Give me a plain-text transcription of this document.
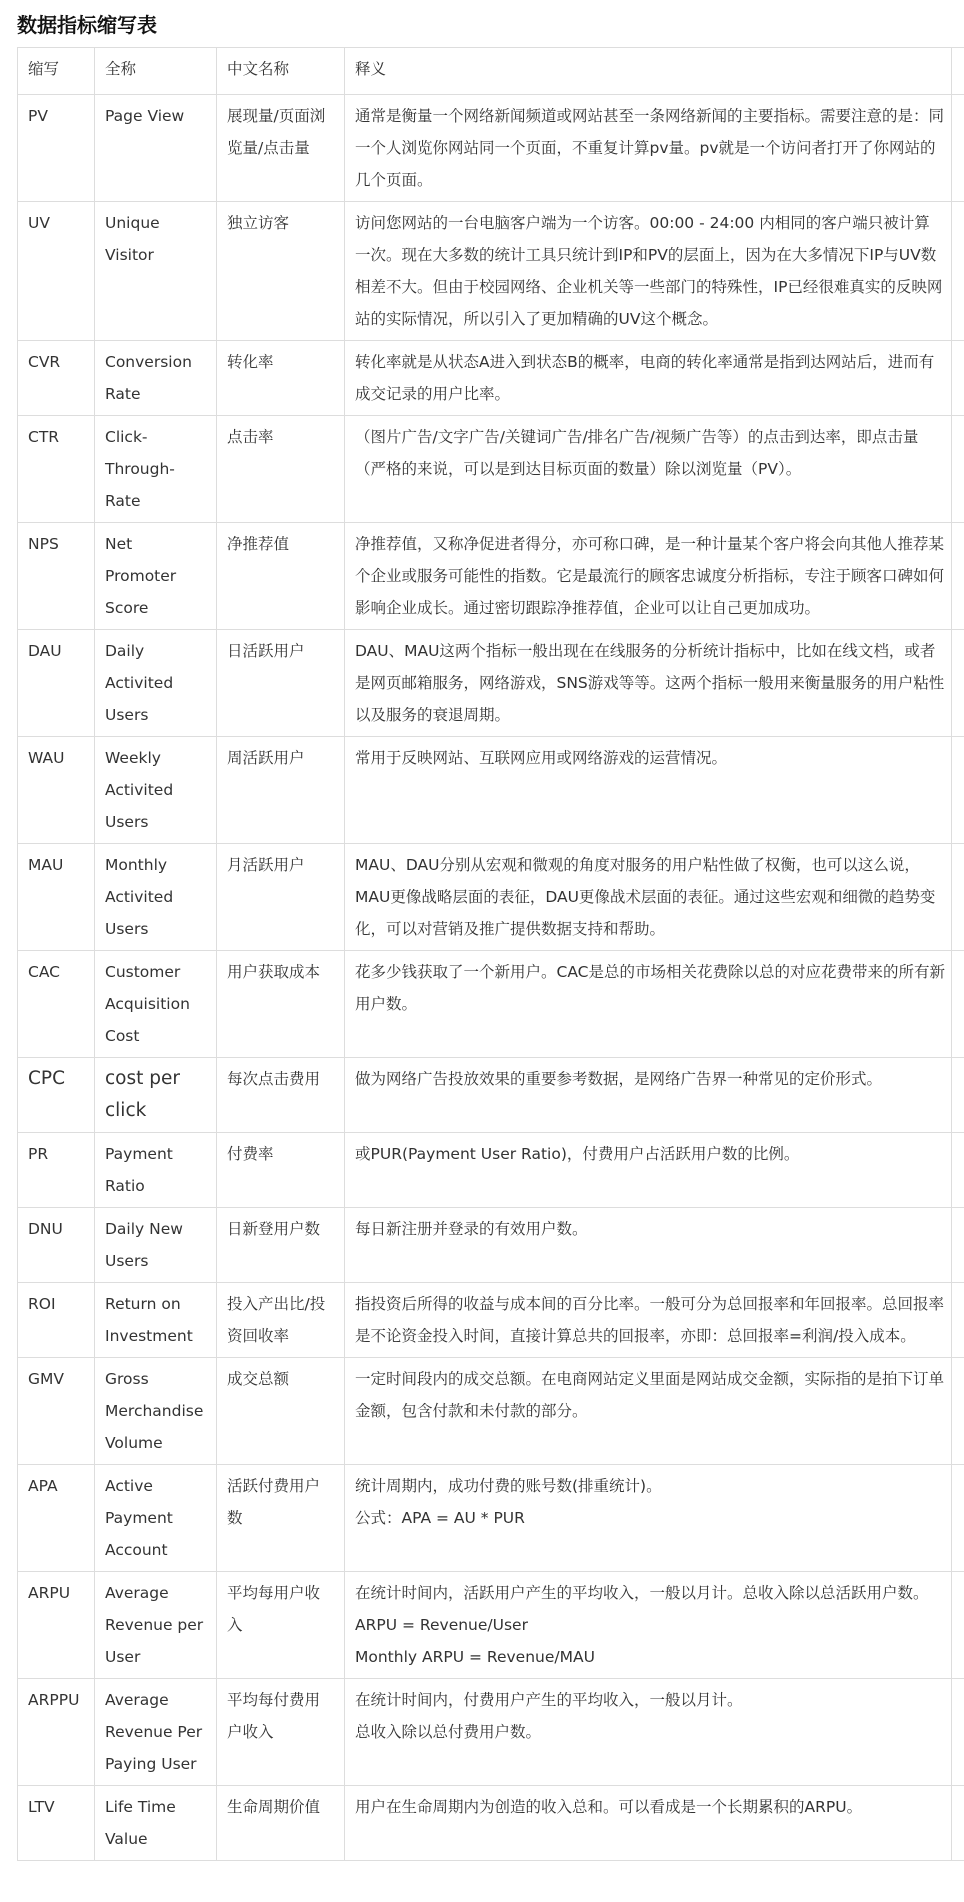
数据指标缩写表
缩写	全称	中文名称	释义	
PV	Page View	展现量/页面浏览量/点击量	通常是衡量一个网络新闻频道或网站甚至一条网络新闻的主要指标。需要注意的是：同一个人浏览你网站同一个页面，不重复计算pv量。pv就是一个访问者打开了你网站的几个页面。	

UV	Unique Visitor	独立访客	访问您网站的一台电脑客户端为一个访客。00:00 - 24:00 内相同的客户端只被计算一次。现在大多数的统计工具只统计到IP和PV的层面上，因为在大多情况下IP与UV数相差不大。但由于校园网络、企业机关等一些部门的特殊性，IP已经很难真实的反映网站的实际情况，所以引入了更加精确的UV这个概念。	

CVR	Conversion Rate	转化率	转化率就是从状态A进入到状态B的概率，电商的转化率通常是指到达网站后，进而有成交记录的用户比率。	

CTR	Click-Through-Rate	点击率	（图片广告/文字广告/关键词广告/排名广告/视频广告等）的点击到达率，即点击量（严格的来说，可以是到达目标页面的数量）除以浏览量（PV）。	

NPS	Net Promoter Score	净推荐值	净推荐值，又称净促进者得分，亦可称口碑，是一种计量某个客户将会向其他人推荐某个企业或服务可能性的指数。它是最流行的顾客忠诚度分析指标，专注于顾客口碑如何影响企业成长。通过密切跟踪净推荐值，企业可以让自己更加成功。	

DAU	Daily Activited Users	日活跃用户	DAU、MAU这两个指标一般出现在在线服务的分析统计指标中，比如在线文档，或者是网页邮箱服务，网络游戏，SNS游戏等等。这两个指标一般用来衡量服务的用户粘性以及服务的衰退周期。	

WAU	Weekly Activited Users	周活跃用户	常用于反映网站、互联网应用或网络游戏的运营情况。	

MAU	Monthly Activited Users	月活跃用户	MAU、DAU分别从宏观和微观的角度对服务的用户粘性做了权衡，也可以这么说，MAU更像战略层面的表征，DAU更像战术层面的表征。通过这些宏观和细微的趋势变化，可以对营销及推广提供数据支持和帮助。	

CAC	Customer Acquisition Cost	用户获取成本	花多少钱获取了一个新用户。CAC是总的市场相关花费除以总的对应花费带来的所有新用户数。	

CPC	cost per click	每次点击费用	做为网络广告投放效果的重要参考数据，是网络广告界一种常见的定价形式。	

PR	Payment Ratio	付费率	或PUR(Payment User Ratio)，付费用户占活跃用户数的比例。	

DNU	Daily New Users	日新登用户数	每日新注册并登录的有效用户数。	

ROI	Return on Investment	投入产出比/投资回收率	指投资后所得的收益与成本间的百分比率。一般可分为总回报率和年回报率。总回报率是不论资金投入时间，直接计算总共的回报率，亦即：总回报率=利润/投入成本。	

GMV	Gross Merchandise Volume	成交总额	一定时间段内的成交总额。在电商网站定义里面是网站成交金额，实际指的是拍下订单金额，包含付款和未付款的部分。	

APA	Active Payment Account	活跃付费用户数	统计周期内，成功付费的账号数(排重统计)。
公式：APA = AU * PUR	

ARPU	Average Revenue per User	平均每用户收入	在统计时间内，活跃用户产生的平均收入，一般以月计。总收入除以总活跃用户数。ARPU = Revenue/User
Monthly ARPU = Revenue/MAU	

ARPPU	Average Revenue Per Paying User	平均每付费用户收入	在统计时间内，付费用户产生的平均收入，一般以月计。
总收入除以总付费用户数。	

LTV	Life Time Value	生命周期价值	用户在生命周期内为创造的收入总和。可以看成是一个长期累积的ARPU。	
